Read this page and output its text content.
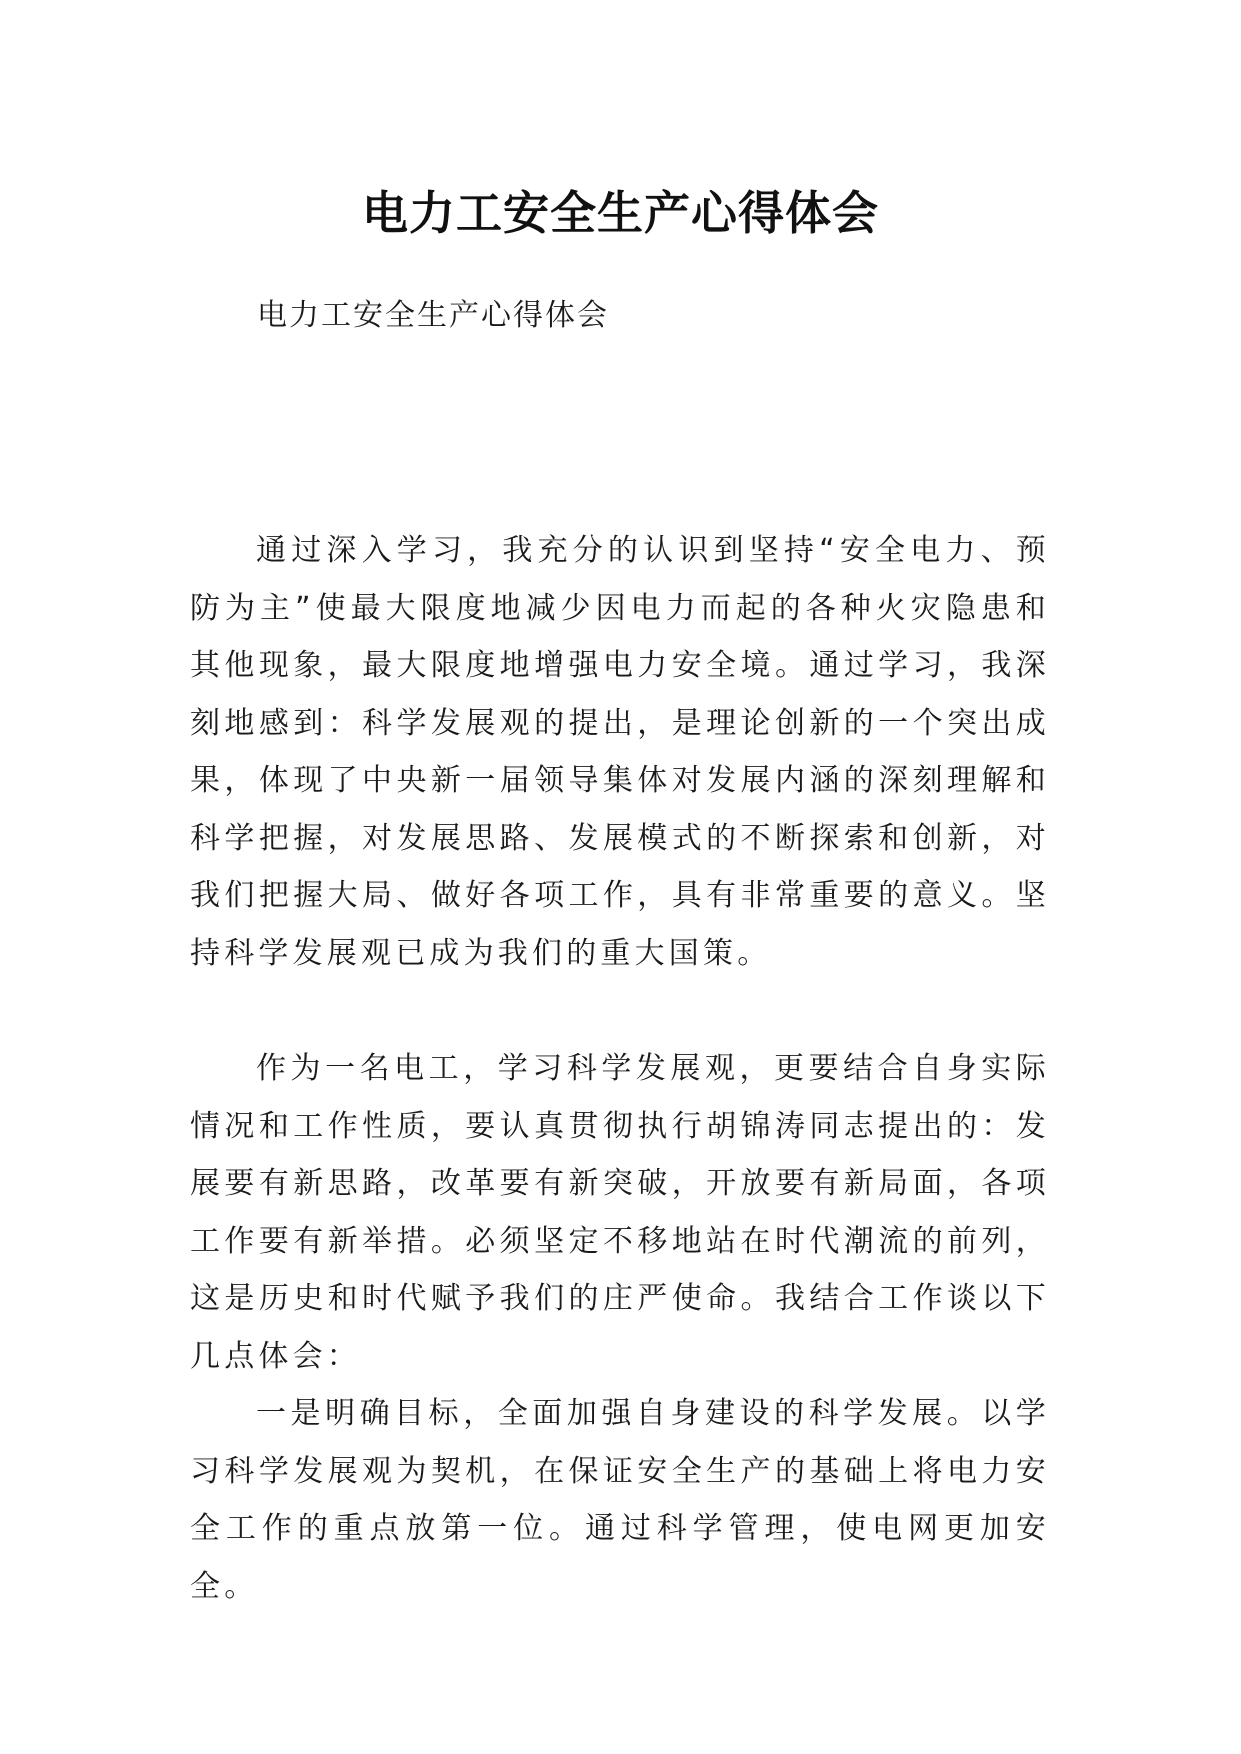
电力工安全生产心得体会
电力工安全生产心得体会

通过深入学习，我充分的认识到坚持“安全电力、预防为主”使最大限度地减少因电力而起的各种火灾隐患和其他现象，最大限度地增强电力安全境。通过学习，我深刻地感到：科学发展观的提出，是理论创新的一个突出成果，体现了中央新一届领导集体对发展内涵的深刻理解和科学把握，对发展思路、发展模式的不断探索和创新，对我们把握大局、做好各项工作，具有非常重要的意义。坚持科学发展观已成为我们的重大国策。

作为一名电工，学习科学发展观，更要结合自身实际情况和工作性质，要认真贯彻执行胡锦涛同志提出的：发展要有新思路，改革要有新突破，开放要有新局面，各项工作要有新举措。必须坚定不移地站在时代潮流的前列，这是历史和时代赋予我们的庄严使命。我结合工作谈以下几点体会：

一是明确目标，全面加强自身建设的科学发展。以学习科学发展观为契机，在保证安全生产的基础上将电力安全工作的重点放第一位。通过科学管理，使电网更加安全。
